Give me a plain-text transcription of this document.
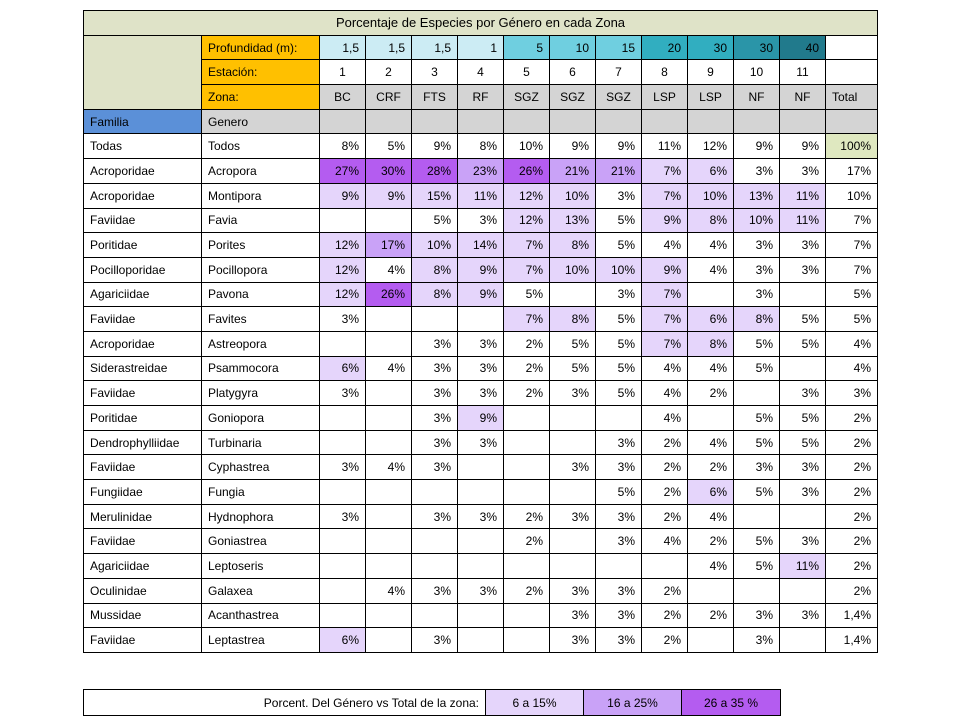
Porcentaje de Especies por Género en cada Zona													
	Profundidad (m):	1,5	1,5	1,5	1	5	10	15	20	30	30	40	
	Estación:	1	2	3	4	5	6	7	8	9	10	11	
	Zona:	BC	CRF	FTS	RF	SGZ	SGZ	SGZ	LSP	LSP	NF	NF	Total
Familia	Genero												
Todas	Todos	8%	5%	9%	8%	10%	9%	9%	11%	12%	9%	9%	100%
Acroporidae	Acropora	27%	30%	28%	23%	26%	21%	21%	7%	6%	3%	3%	17%
Acroporidae	Montipora	9%	9%	15%	11%	12%	10%	3%	7%	10%	13%	11%	10%
Faviidae	Favia			5%	3%	12%	13%	5%	9%	8%	10%	11%	7%
Poritidae	Porites	12%	17%	10%	14%	7%	8%	5%	4%	4%	3%	3%	7%
Pocilloporidae	Pocillopora	12%	4%	8%	9%	7%	10%	10%	9%	4%	3%	3%	7%
Agariciidae	Pavona	12%	26%	8%	9%	5%		3%	7%		3%		5%
Faviidae	Favites	3%				7%	8%	5%	7%	6%	8%	5%	5%
Acroporidae	Astreopora			3%	3%	2%	5%	5%	7%	8%	5%	5%	4%
Siderastreidae	Psammocora	6%	4%	3%	3%	2%	5%	5%	4%	4%	5%		4%
Faviidae	Platygyra	3%		3%	3%	2%	3%	5%	4%	2%		3%	3%
Poritidae	Goniopora			3%	9%				4%		5%	5%	2%
Dendrophylliidae	Turbinaria			3%	3%			3%	2%	4%	5%	5%	2%
Faviidae	Cyphastrea	3%	4%	3%			3%	3%	2%	2%	3%	3%	2%
Fungiidae	Fungia							5%	2%	6%	5%	3%	2%
Merulinidae	Hydnophora	3%		3%	3%	2%	3%	3%	2%	4%			2%
Faviidae	Goniastrea					2%		3%	4%	2%	5%	3%	2%
Agariciidae	Leptoseris									4%	5%	11%	2%
Oculinidae	Galaxea		4%	3%	3%	2%	3%	3%	2%				2%
Mussidae	Acanthastrea						3%	3%	2%	2%	3%	3%	1,4%
Faviidae	Leptastrea	6%		3%			3%	3%	2%		3%		1,4%
Porcent. Del Género vs Total de la zona:	6 a 15%	16 a 25%	26 a 35 %
